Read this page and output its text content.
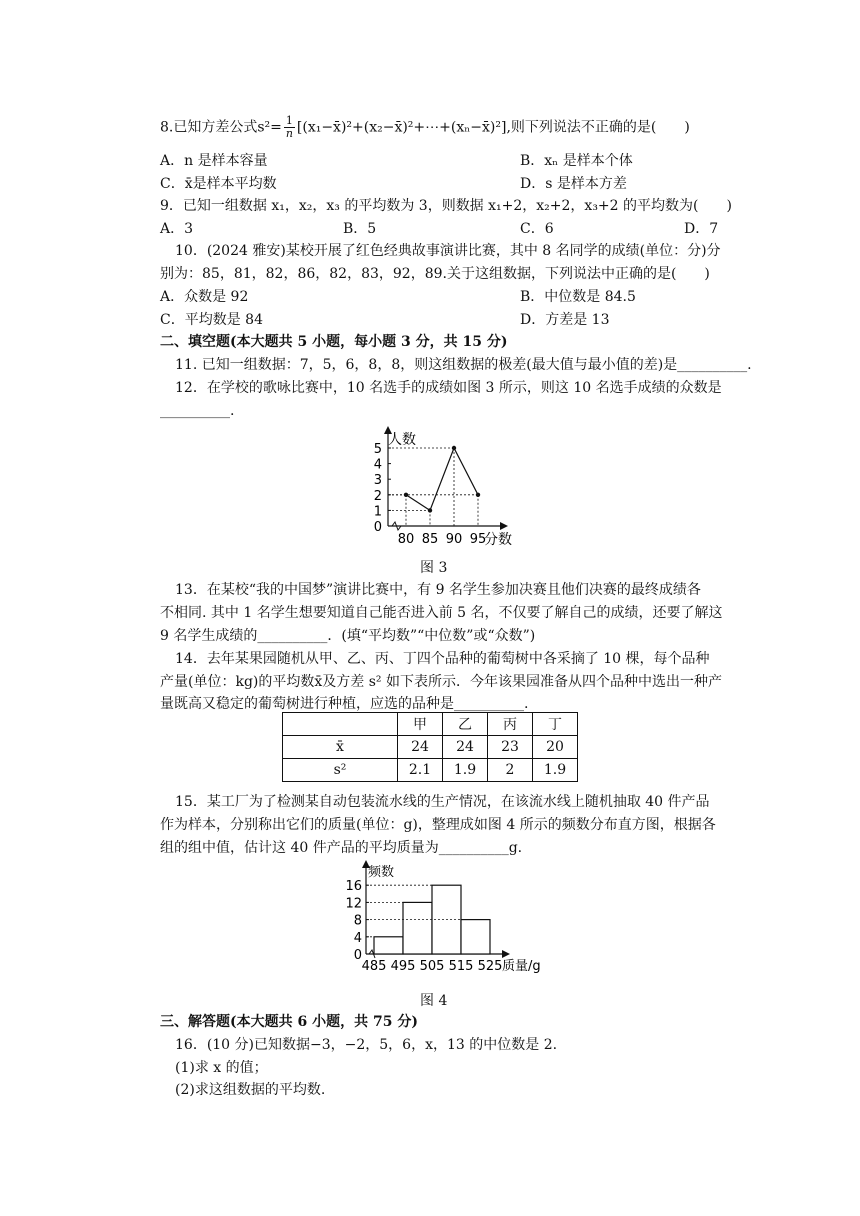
8.已知方差公式$s^2= \frac{1}{n}$ [(x₁−x̄)²+(x₂−x̄)²+⋯+(xₙ−x̄)²],则下列说法不正确的是(　　)
A．n 是样本容量	B．xₙ 是样本个体
C．x̄是样本平均数	D．s 是样本方差
9．已知一组数据 x₁，x₂，x₃ 的平均数为 3，则数据 x₁+2，x₂+2，x₃+2 的平均数为(　　)
A．3	B．5	C．6	D．7
10．(2024 雅安)某校开展了红色经典故事演讲比赛，其中 8 名同学的成绩(单位：分)分
别为：85，81，82，86，82，83，92，89.关于这组数据，下列说法中正确的是(　　)
A．众数是 92	B．中位数是 84.5
C．平均数是 84	D．方差是 13
二、填空题(本大题共 5 小题，每小题 3 分，共 15 分)
11. 已知一组数据：7，5，6，8，8，则这组数据的极差(最大值与最小值的差)是__________.
12．在学校的歌咏比赛中，10 名选手的成绩如图 3 所示，则这 10 名选手成绩的众数是
__________.
0
1
2
3
4
5
80 85 90 95
人数
分数
图 3
13．在某校“我的中国梦”演讲比赛中，有 9 名学生参加决赛且他们决赛的最终成绩各
不相同. 其中 1 名学生想要知道自己能否进入前 5 名，不仅要了解自己的成绩，还要了解这
9 名学生成绩的__________．(填“平均数”“中位数”或“众数”)
14．去年某果园随机从甲、乙、丙、丁四个品种的葡萄树中各采摘了 10 棵，每个品种
产量(单位：kg)的平均数x̄及方差 s² 如下表所示．今年该果园准备从四个品种中选出一种产
量既高又稳定的葡萄树进行种植，应选的品种是__________.
	甲	乙	丙	丁
x̄	24	24	23	20
s²	2.1	1.9	2	1.9
15．某工厂为了检测某自动包装流水线的生产情况，在该流水线上随机抽取 40 件产品
作为样本，分别称出它们的质量(单位：g)，整理成如图 4 所示的频数分布直方图，根据各
组的组中值，估计这 40 件产品的平均质量为__________g.
0
4
8
12
16
485 495 505 515 525
频数
质量/g
图 4
三、解答题(本大题共 6 小题，共 75 分)
16．(10 分)已知数据−3，−2，5，6，x，13 的中位数是 2.
(1)求 x 的值；
(2)求这组数据的平均数.
